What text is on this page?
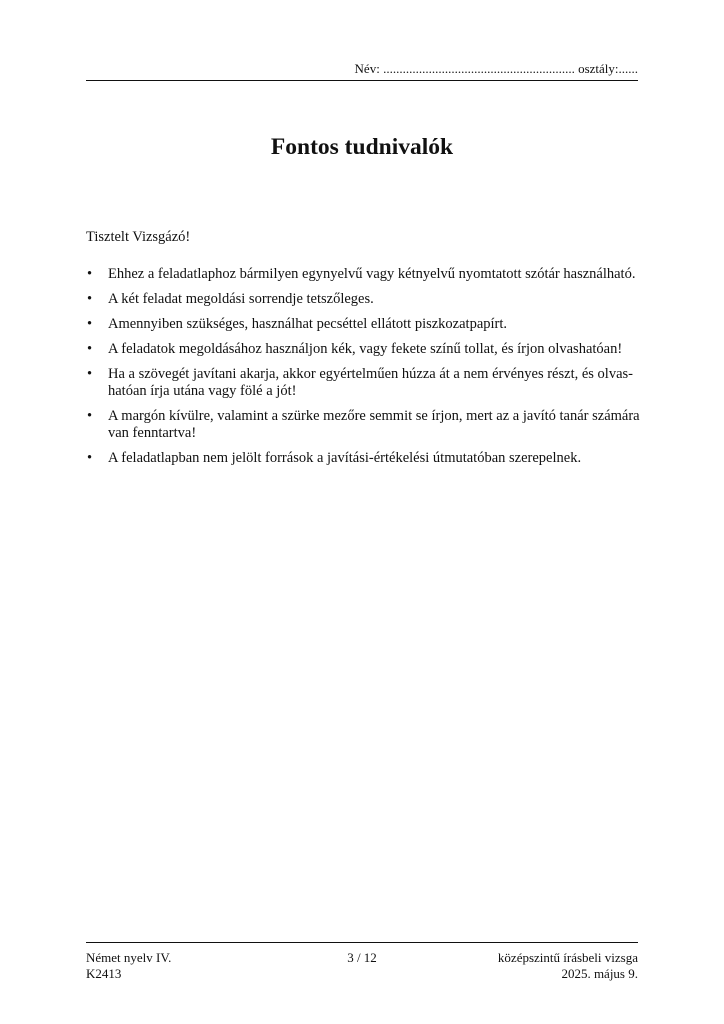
Név: ........................................................... osztály:......
Fontos tudnivalók
Tisztelt Vizsgázó!
• Ehhez a feladatlaphoz bármilyen egynyelvű vagy kétnyelvű nyomtatott szótár használható.
• A két feladat megoldási sorrendje tetszőleges.
• Amennyiben szükséges, használhat pecséttel ellátott piszkozatpapírt.
• A feladatok megoldásához használjon kék, vagy fekete színű tollat, és írjon olvashatóan!
• Ha a szövegét javítani akarja, akkor egyértelműen húzza át a nem érvényes részt, és olvas-hatóan írja utána vagy fölé a jót!
• A margón kívülre, valamint a szürke mezőre semmit se írjon, mert az a javító tanár számára van fenntartva!
• A feladatlapban nem jelölt források a javítási-értékelési útmutatóban szerepelnek.
Német nyelv IV.
K2413
3 / 12	középszintű írásbeli vizsga
2025. május 9.
